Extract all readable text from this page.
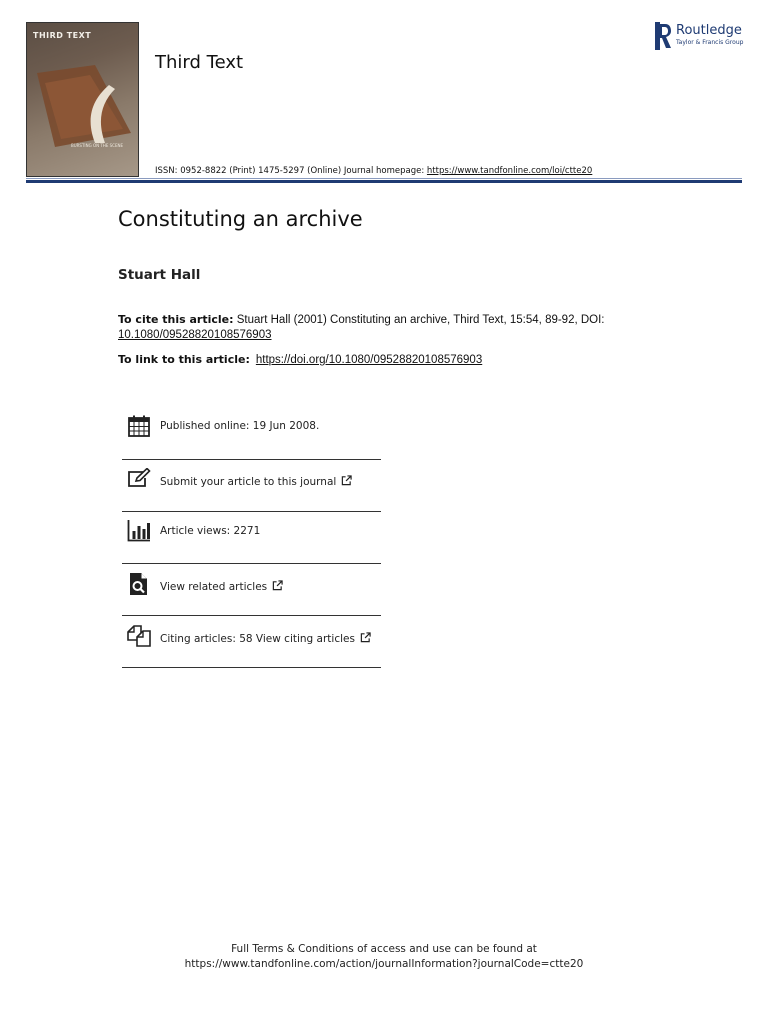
THIRD TEXT
BURSTING ON THE SCENE
Third Text
ISSN: 0952-8822 (Print) 1475-5297 (Online) Journal homepage: https://www.tandfonline.com/loi/ctte20
Routledge
Taylor & Francis Group
Constituting an archive
Stuart Hall
To cite this article: Stuart Hall (2001) Constituting an archive, Third Text, 15:54, 89-92, DOI:
10.1080/09528820108576903
To link to this article: https://doi.org/10.1080/09528820108576903
Published online: 19 Jun 2008.
Submit your article to this journal
Article views: 2271
View related articles
Citing articles: 58 View citing articles
Full Terms & Conditions of access and use can be found at
https://www.tandfonline.com/action/journalInformation?journalCode=ctte20
